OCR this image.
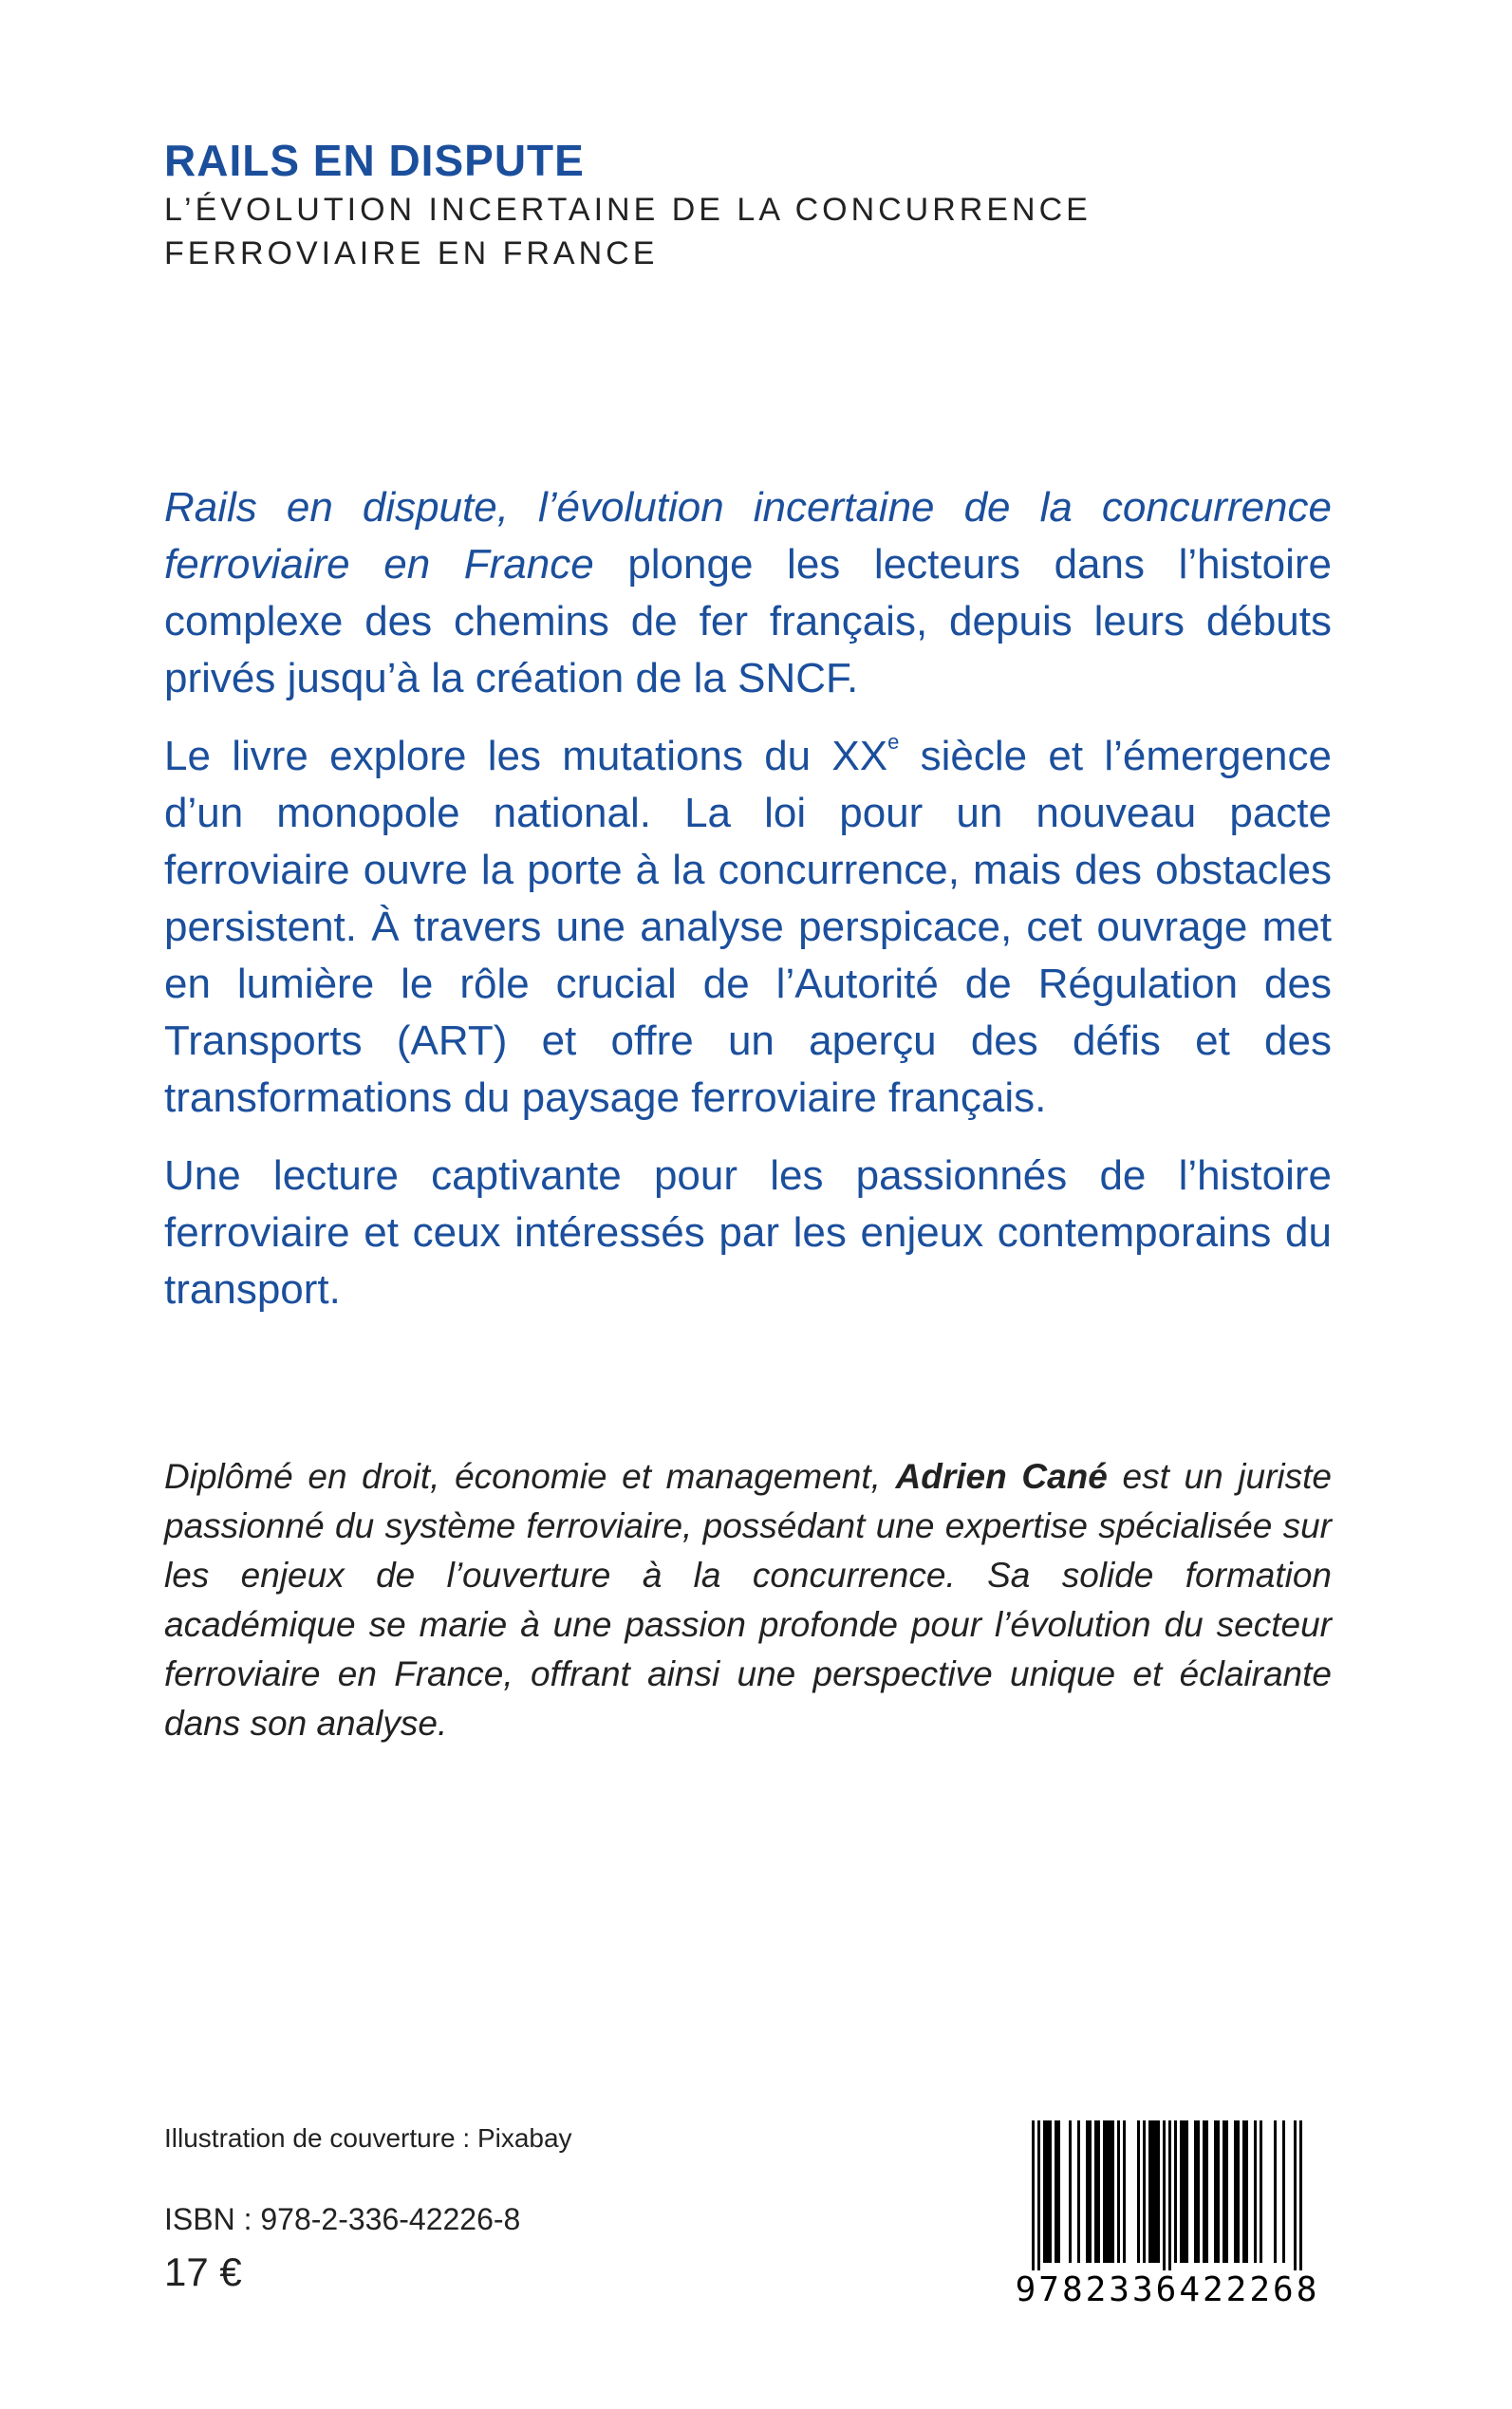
RAILS EN DISPUTE
L’ÉVOLUTION INCERTAINE DE LA CONCURRENCE
FERROVIAIRE EN FRANCE

Rails en dispute, l’évolution incertaine de la concurrence ferroviaire en France plonge les lecteurs dans l’histoire complexe des chemins de fer français, depuis leurs débuts privés jusqu’à la création de la SNCF.

Le livre explore les mutations du XXe siècle et l’émergence d’un monopole national. La loi pour un nouveau pacte ferroviaire ouvre la porte à la concurrence, mais des obstacles persistent. À travers une analyse perspicace, cet ouvrage met en lumière le rôle crucial de l’Autorité de Régulation des Transports (ART) et offre un aperçu des défis et des transformations du paysage ferroviaire français.

Une lecture captivante pour les passionnés de l’histoire ferroviaire et ceux intéressés par les enjeux contemporains du transport.

Diplômé en droit, économie et management, Adrien Cané est un juriste passionné du système ferroviaire, possédant une expertise spécialisée sur les enjeux de l’ouverture à la concurrence. Sa solide formation académique se marie à une passion profonde pour l’évolution du secteur ferroviaire en France, offrant ainsi une perspective unique et éclairante dans son analyse.
Illustration de couverture : Pixabay
ISBN : 978-2-336-42226-8
17 €	9782336422268
